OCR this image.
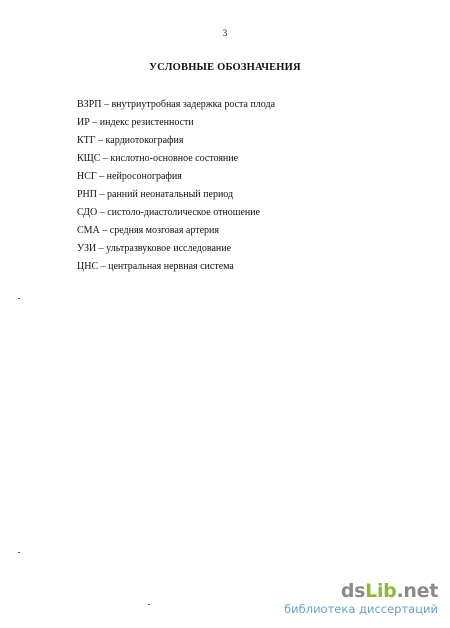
3
УСЛОВНЫЕ ОБОЗНАЧЕНИЯ
ВЗРП – внутриутробная задержка роста плода
ИР – индекс резистенности
КТГ – кардиотокография
КЩС – кислотно-основное состояние
НСГ – нейросонография
РНП – ранний неонатальный период
СДО – систоло-диастолическое отношение
СМА – средняя мозговая артерия
УЗИ – ультразвуковое исследование
ЦНС – центральная нервная система
dsLib.net
библиотека диссертаций
